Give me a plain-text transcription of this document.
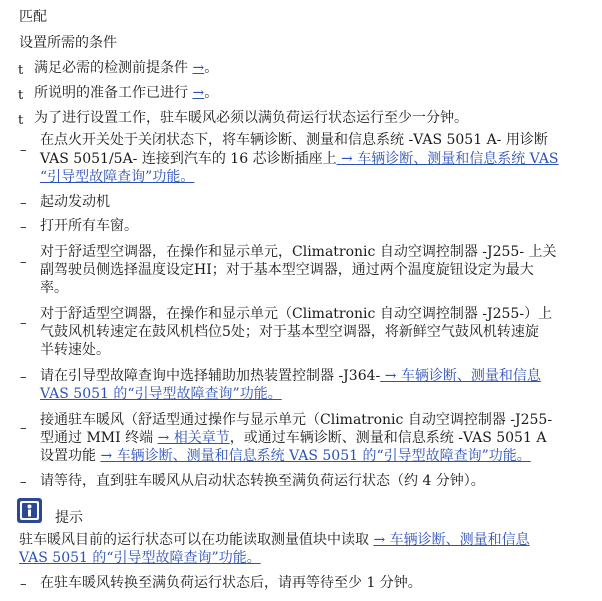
匹配
设置所需的条件
t 满足必需的检测前提条件 →。
t 所说明的准备工作已进行 →。
t 为了进行设置工作，驻车暖风必须以满负荷运行状态运行至少一分钟。
–
在点火开关处于关闭状态下，将车辆诊断、测量和信息系统 -VAS 5051 A- 用诊断
VAS 5051/5A- 连接到汽车的 16 芯诊断插座上 → 车辆诊断、测量和信息系统 VAS
“引导型故障查询”功能。
– 起动发动机
– 打开所有车窗。
–
对于舒适型空调器，在操作和显示单元，Climatronic 自动空调控制器 -J255- 上关
副驾驶员侧选择温度设定HI；对于基本型空调器，通过两个温度旋钮设定为最大
率。
–
对于舒适型空调器，在操作和显示单元（Climatronic 自动空调控制器 -J255-）上
气鼓风机转速定在鼓风机档位5处；对于基本型空调器，将新鲜空气鼓风机转速旋
半转速处。
– 请在引导型故障查询中选择辅助加热装置控制器 -J364- → 车辆诊断、测量和信息
VAS 5051 的“引导型故障查询”功能。
–
接通驻车暖风（舒适型通过操作与显示单元（Climatronic 自动空调控制器 -J255-
型通过 MMI 终端 → 相关章节，或通过车辆诊断、测量和信息系统 -VAS 5051 A
设置功能 → 车辆诊断、测量和信息系统 VAS 5051 的“引导型故障查询”功能。
– 请等待，直到驻车暖风从启动状态转换至满负荷运行状态（约 4 分钟）。
提示
驻车暖风目前的运行状态可以在功能读取测量值块中读取 → 车辆诊断、测量和信息
VAS 5051 的“引导型故障查询”功能。
– 在驻车暖风转换至满负荷运行状态后，请再等待至少 1 分钟。
